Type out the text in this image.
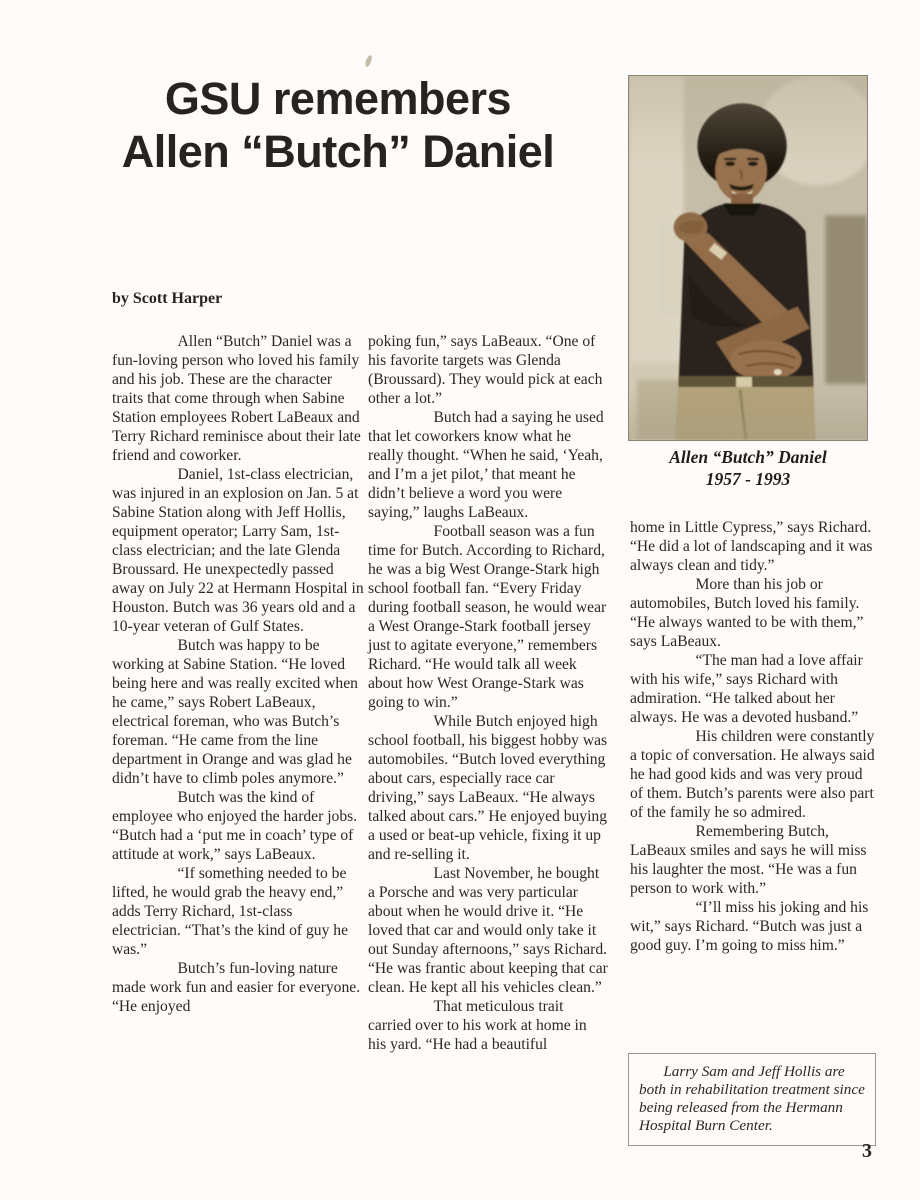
GSU remembers
Allen “Butch” Daniel
Allen “Butch” Daniel
1957 - 1993
by Scott Harper

Allen “Butch” Daniel was a fun-loving person who loved his family and his job. These are the character traits that come through when Sabine Station employees Robert LaBeaux and Terry Richard reminisce about their late friend and coworker.

Daniel, 1st-class electrician, was injured in an explosion on Jan. 5 at Sabine Station along with Jeff Hollis, equipment operator; Larry Sam, 1st-class electrician; and the late Glenda Broussard. He unexpectedly passed away on July 22 at Hermann Hospital in Houston. Butch was 36 years old and a 10-year veteran of Gulf States.

Butch was happy to be working at Sabine Station. “He loved being here and was really excited when he came,” says Robert LaBeaux, electrical foreman, who was Butch’s foreman. “He came from the line department in Orange and was glad he didn’t have to climb poles anymore.”

Butch was the kind of employee who enjoyed the harder jobs. “Butch had a ‘put me in coach’ type of attitude at work,” says LaBeaux.

“If something needed to be lifted, he would grab the heavy end,” adds Terry Richard, 1st-class electrician. “That’s the kind of guy he was.”

Butch’s fun-loving nature made work fun and easier for everyone. “He enjoyed

poking fun,” says LaBeaux. “One of his favorite targets was Glenda (Broussard). They would pick at each other a lot.”

Butch had a saying he used that let coworkers know what he really thought. “When he said, ‘Yeah, and I’m a jet pilot,’ that meant he didn’t believe a word you were saying,” laughs LaBeaux.

Football season was a fun time for Butch. According to Richard, he was a big West Orange-Stark high school football fan. “Every Friday during football season, he would wear a West Orange-Stark football jersey just to agitate everyone,” remembers Richard. “He would talk all week about how West Orange-Stark was going to win.”

While Butch enjoyed high school football, his biggest hobby was automobiles. “Butch loved everything about cars, especially race car driving,” says LaBeaux. “He always talked about cars.” He enjoyed buying a used or beat-up vehicle, fixing it up and re-selling it.

Last November, he bought a Porsche and was very particular about when he would drive it. “He loved that car and would only take it out Sunday afternoons,” says Richard. “He was frantic about keeping that car clean. He kept all his vehicles clean.”

That meticulous trait carried over to his work at home in his yard. “He had a beautiful

home in Little Cypress,” says Richard. “He did a lot of landscaping and it was always clean and tidy.”

More than his job or automobiles, Butch loved his family. “He always wanted to be with them,” says LaBeaux.

“The man had a love affair with his wife,” says Richard with admiration. “He talked about her always. He was a devoted husband.”

His children were constantly a topic of conversation. He always said he had good kids and was very proud of them. Butch’s parents were also part of the family he so admired.

Remembering Butch, LaBeaux smiles and says he will miss his laughter the most. “He was a fun person to work with.”

“I’ll miss his joking and his wit,” says Richard. “Butch was just a good guy. I’m going to miss him.”

Larry Sam and Jeff Hollis are both in rehabilitation treatment since being released from the Hermann Hospital Burn Center.

3
